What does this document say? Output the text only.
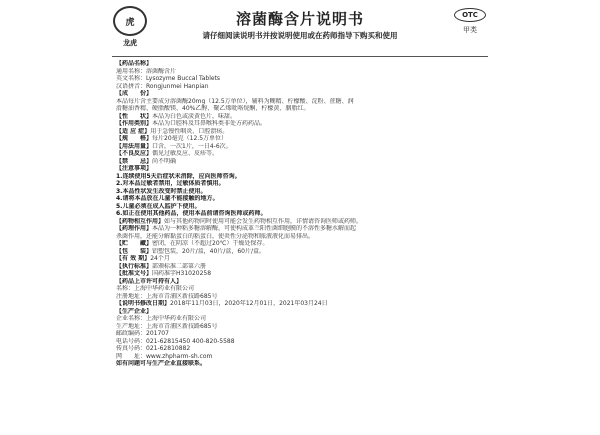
虎
龙虎
溶菌酶含片说明书
请仔细阅读说明书并按说明使用或在药师指导下购买和使用
OTC
甲类
【药品名称】
通用名称：溶菌酶含片
英文名称：Lysozyme Buccal Tablets
汉语拼音：Rongjunmei Hanpian
【成　　份】
本品每片含主要成分溶菌酶20mg（12.5万单位），辅料为糊精、柠檬酸、淀粉、蔗糖、润
滑糖油香精、硬脂酸镁、40%乙醇、聚乙烯吡咯烷酮、柠檬黄、胭脂红。
【性　　状】本品为白色或淡黄色片，味甜。
【作用类别】本品为口腔科及耳鼻喉科类非处方药药品。
【适 应 症】用于急慢性咽炎、口腔溃疡。
【规　　格】每片20毫克（12.5万单位）
【用法用量】口含，一次1片，一日4-6次。
【不良反应】偶见过敏反应、皮疹等。
【禁　　忌】尚不明确
【注意事项】
1.连续使用5天后症状未消除，应向医师咨询。
2.对本品过敏者禁用，过敏体质者慎用。
3.本品性状发生改变时禁止使用。
4.请将本品放在儿童不能接触的地方。
5.儿童必须在成人监护下使用。
6.如正在使用其他药品，使用本品前请咨询医师或药师。
【药物相互作用】如与其他药物同时使用可能会发生药物相互作用，详情请咨询医师或药师。
【药理作用】本品为一种粘多糖溶解酶，可使构成革兰阳性菌细胞膜的不溶性多糖水解而起
杀菌作用，还能分解黏蛋白的粘蛋白，使炎性分泌物和脓液液化而易排出。
【贮　　藏】密闭，在阴凉（不超过20℃）干燥处保存。
【包　　装】铝塑包装，20片/盒，40片/盒，60片/盒。
【有 效 期】24个月
【执行标准】部颁标准二部第六册
【批准文号】国药准字H31020258
【药品上市许可持有人】
名称：上海中华药业有限公司
注册地址：上海市青浦区新技路685号
【说明书修改日期】2018年11月03日，2020年12月01日，2021年03月24日
【生产企业】
企业名称：上海中华药业有限公司
生产地址：上海市青浦区新技路685号
邮政编码：201707
电话号码：021-62815450 400-820-5588
传真号码：021-62810882
网　　址：www.zhpharm-sh.com
如有问题可与生产企业直接联系。
